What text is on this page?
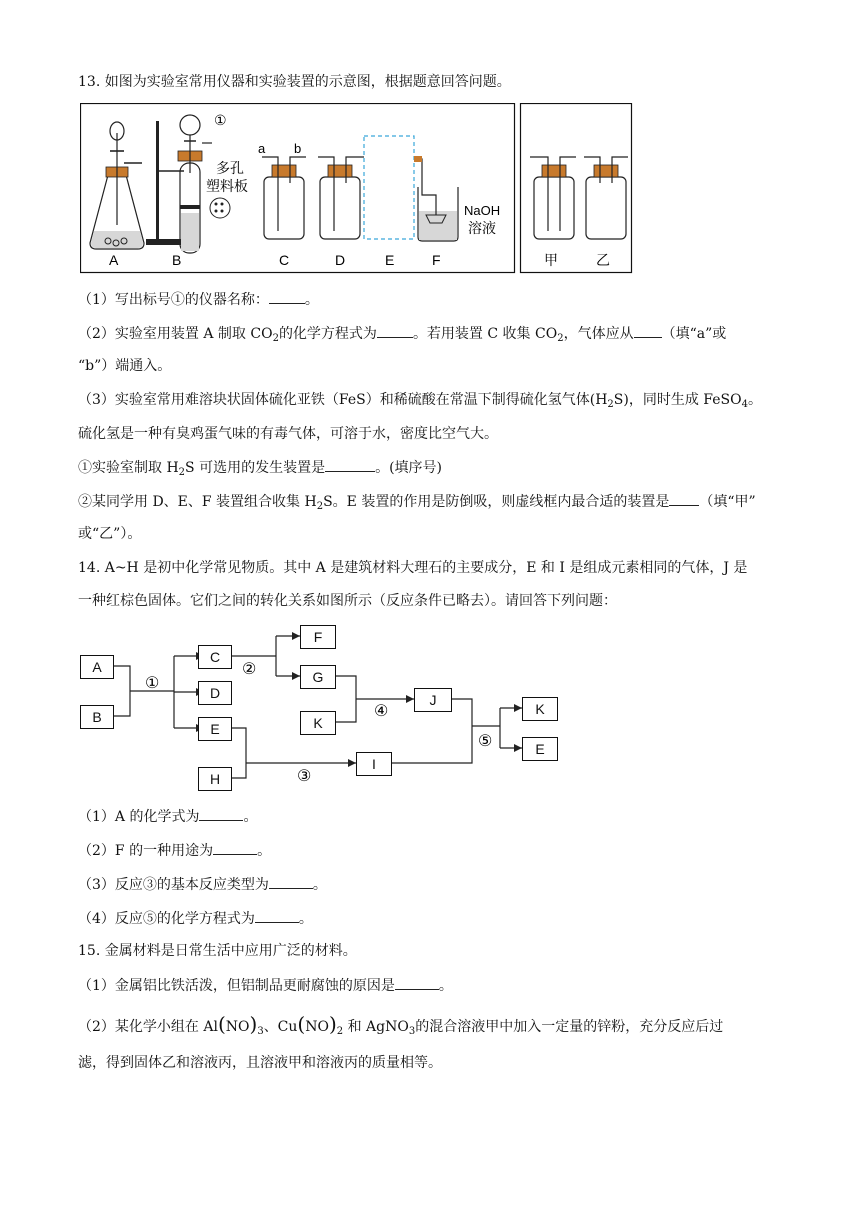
13. 如图为实验室常用仪器和实验装置的示意图，根据题意回答问题。
①
多孔
塑料板
a b
NaOH
溶液
A	B	C	D	E	F	甲	乙
（1）写出标号①的仪器名称：	。
（2）实验室用装置 A 制取 $CO_2$的化学方程式为	。若用装置 C 收集 $CO_2$，气体应从 （填“a”或
“b”）端通入。
（3）实验室常用难溶块状固体硫化亚铁（FeS）和稀硫酸在常温下制得硫化氢气体$(H_2S)$，同时生成 FeSO$_4$。
硫化氢是一种有臭鸡蛋气味的有毒气体，可溶于水，密度比空气大。
①实验室制取 $H_2S$ 可选用的发生装置是	。(填序号)
②某同学用 D、E、F 装置组合收集 $H_2S$。E 装置的作用是防倒吸，则虚线框内最合适的装置是 （填“甲”
或“乙”）。
14. A~H 是初中化学常见物质。其中 A 是建筑材料大理石的主要成分，E 和 I 是组成元素相同的气体，J 是
一种红棕色固体。它们之间的转化关系如图所示（反应条件已略去）。请回答下列问题：
①
②
③
④
⑤
A
B
C
D
E
H
F
G
K
J
I
K
E
（1）A 的化学式为	。
（2）F 的一种用途为	。
（3）反应③的基本反应类型为	。
（4）反应⑤的化学方程式为	。
15. 金属材料是日常生活中应用广泛的材料。
（1）金属铝比铁活泼，但铝制品更耐腐蚀的原因是	。
（2）某化学小组在 $Al(NO)_3$、$Cu(NO)_2$ 和 AgNO$_3$的混合溶液甲中加入一定量的锌粉，充分反应后过
滤，得到固体乙和溶液丙，且溶液甲和溶液丙的质量相等。
